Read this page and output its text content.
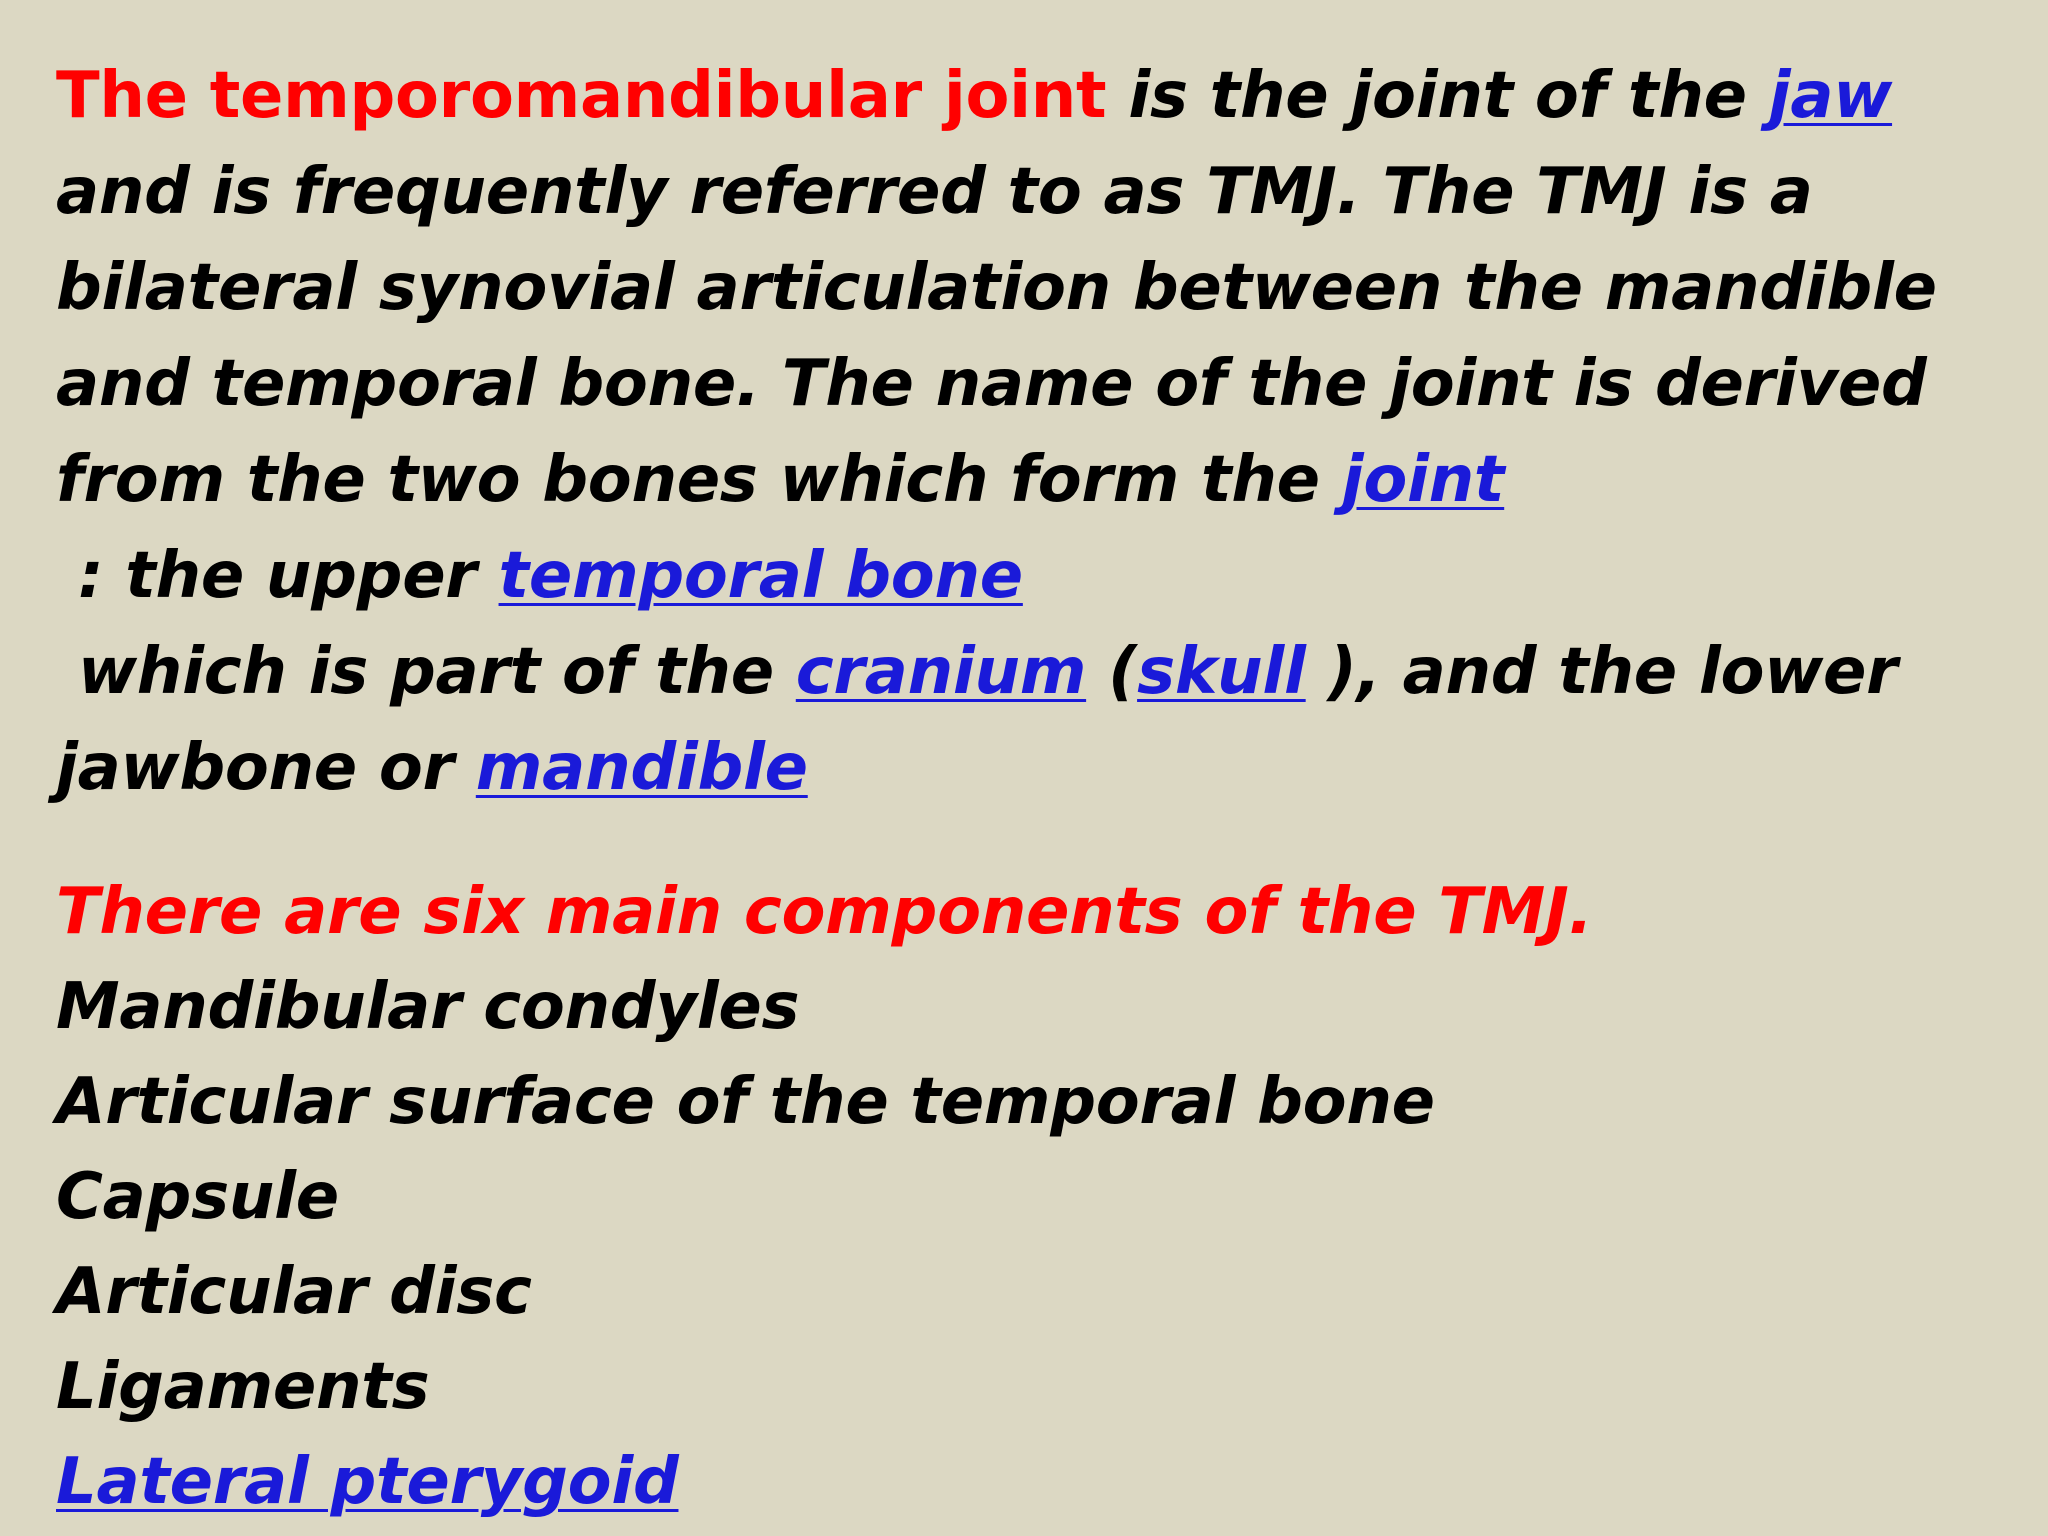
The temporomandibular joint is the joint of the jaw and is frequently referred to as TMJ. The TMJ is a bilateral synovial articulation between the mandible and temporal bone. The name of the joint is derived from the two bones which form the joint : the upper temporal bone which is part of the cranium (skull ), and the lower jawbone or mandible

There are six main components of the TMJ.

Mandibular condyles
Articular surface of the temporal bone
Capsule
Articular disc
Ligaments
Lateral pterygoid
